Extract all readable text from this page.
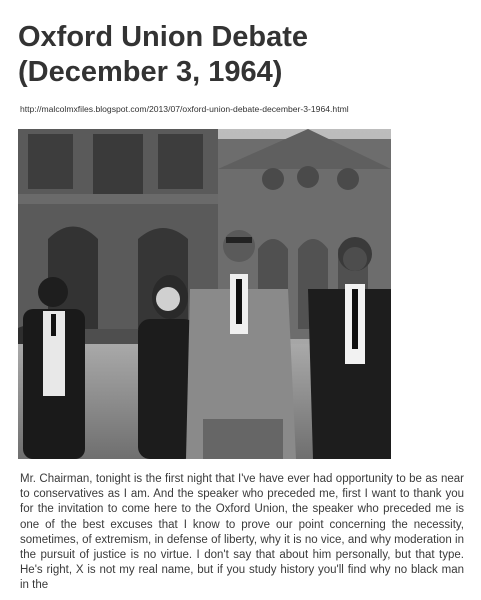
Oxford Union Debate
(December 3, 1964)
http://malcolmxfiles.blogspot.com/2013/07/oxford-union-debate-december-3-1964.html
Mr. Chairman, tonight is the first night that I've have ever had opportunity to be as near to conservatives as I am. And the speaker who preceded me, first I want to thank you for the invitation to come here to the Oxford Union, the speaker who preceded me is one of the best excuses that I know to prove our point concerning the necessity, sometimes, of extremism, in defense of liberty, why it is no vice, and why moderation in the pursuit of justice is no virtue. I don't say that about him personally, but that type. He's right, X is not my real name, but if you study history you'll find why no black man in the
